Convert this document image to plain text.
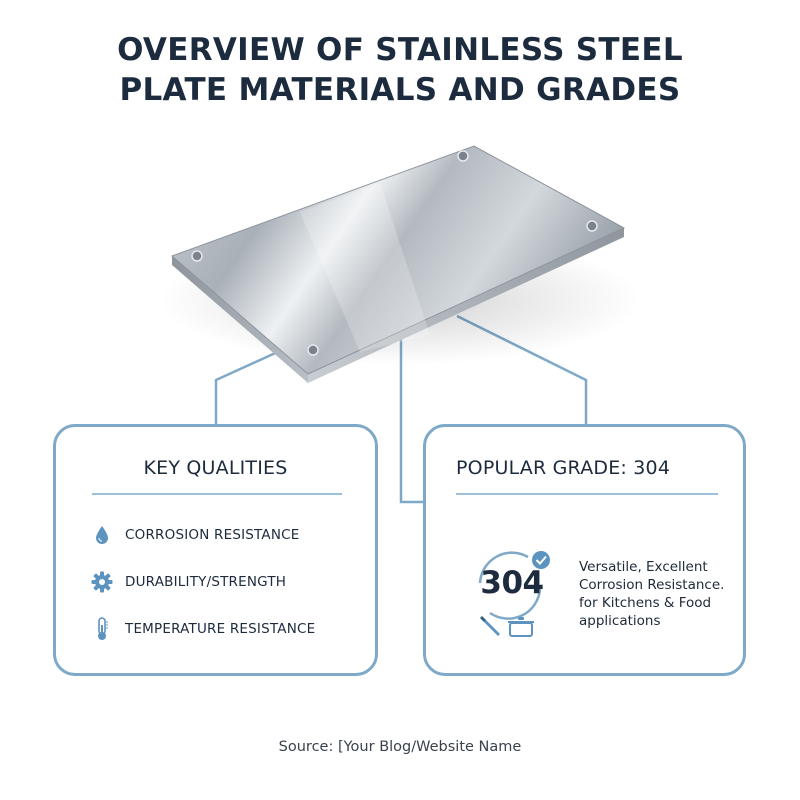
OVERVIEW OF STAINLESS STEEL
PLATE MATERIALS AND GRADES
KEY QUALITIES
CORROSION RESISTANCE
DURABILITY/STRENGTH
TEMPERATURE RESISTANCE
POPULAR GRADE: 304
304	Versatile, Excellent
Corrosion Resistance.
for Kitchens & Food
applications
Source: [Your Blog/Website Name
